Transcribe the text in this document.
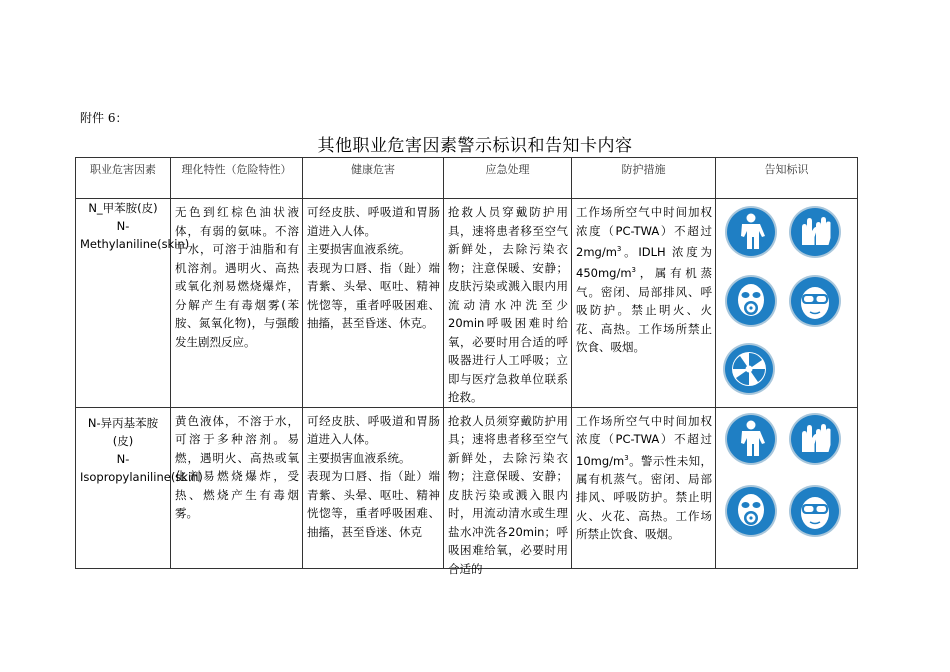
附件 6：
其他职业危害因素警示标识和告知卡内容
职业危害因素	理化特性（危险特性）	健康危害	应急处理	防护措施	告知标识
N_甲苯胺(皮)
N-Methylaniline(skin)	无色到红棕色油状液体，有弱的氨味。不溶于水，可溶于油脂和有机溶剂。遇明火、高热或氧化剂易燃烧爆炸，分解产生有毒烟雾(苯胺、氮氧化物)，与强酸发生剧烈反应。	可经皮肤、呼吸道和胃肠道进入人体。
主要损害血液系统。
表现为口唇、指（趾）端青紫、头晕、呕吐、精神恍惚等，重者呼吸困难、抽搐，甚至昏迷、休克。	抢救人员穿戴防护用具，速将患者移至空气新鲜处，去除污染衣物；注意保暖、安静；皮肤污染或溅入眼内用流动清水冲洗至少20min呼吸困难时给氧，必要时用合适的呼吸器进行人工呼吸；立即与医疗急救单位联系抢救。	工作场所空气中时间加权浓度（PC-TWA）不超过 $2mg/m^3$。IDLH 浓度为 $450mg/m^3$，属有机蒸气。密闭、局部排风、呼吸防护。禁止明火、火花、高热。工作场所禁止饮食、吸烟。	

N-异丙基苯胺(皮)
N-Isopropylaniline(skin)	黄色液体，不溶于水，可溶于多种溶剂。易燃，遇明火、高热或氧化剂易燃烧爆炸，受热、燃烧产生有毒烟雾。	可经皮肤、呼吸道和胃肠道进入人体。
主要损害血液系统。
表现为口唇、指（趾）端青紫、头晕、呕吐、精神恍惚等，重者呼吸困难、抽搐，甚至昏迷、休克	抢救人员须穿戴防护用具；速将患者移至空气新鲜处，去除污染衣物；注意保暖、安静；皮肤污染或溅入眼内时，用流动清水或生理盐水冲洗各20min；呼吸困难给氧，必要时用合适的	工作场所空气中时间加权浓度（PC-TWA）不超过 $10mg/m^3$。警示性未知，属有机蒸气。密闭、局部排风、呼吸防护。禁止明火、火花、高热。工作场所禁止饮食、吸烟。	
